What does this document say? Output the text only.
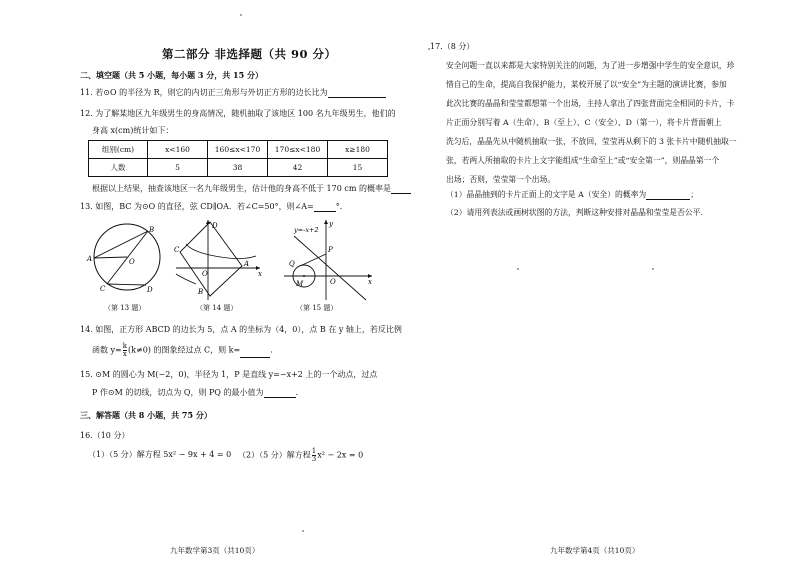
第二部分 非选择题（共 90 分）
二、填空题（共 5 小题，每小题 3 分，共 15 分）
11. 若⊙O 的半径为 R，则它的内切正三角形与外切正方形的边长比为
12. 为了解某地区九年级男生的身高情况，随机抽取了该地区 100 名九年级男生，他们的
身高 x(cm)统计如下：
组别(cm)	x<160	160≤x<170	170≤x<180	x≥180
人数	5	38	42	15
根据以上结果，抽查该地区一名九年级男生，估计他的身高不低于 170 cm 的概率是
13. 如图，BC 为⊙O 的直径，弦 CD∥OA．若∠C=50°，则∠A=	°.
A
B
C	D
O
（第 13 题）
A
B
C
D
O	x
（第 14 题）
y=-x+2
M
Q
P
O	x
y
（第 15 题）
14. 如图，正方形 ABCD 的边长为 5，点 A 的坐标为（4，0），点 B 在 y 轴上，若反比例
函数 $y= \frac{k}{x} (k\ne 0)$ 的图象经过点 C，则 k=	.
15. ⊙M 的圆心为 M(−2，0)，半径为 1，P 是直线 y=−x+2 上的一个动点，过点
P 作⊙M 的切线，切点为 Q，则 PQ 的最小值为	.
三、解答题（共 8 小题，共 75 分）
16.（10 分）
（1）（5 分）解方程 5x² − 9x + 4 = 0 （2）（5 分）解方程 $\frac{1}{3} x^2 - 2x = 0$
九年数学第3页（共10页）
17.（8 分）
安全问题一直以来都是大家特别关注的问题，为了进一步增强中学生的安全意识，珍
惜自己的生命，提高自我保护能力，某校开展了以“安全”为主题的演讲比赛，参加
此次比赛的晶晶和莹莹都想第一个出场，主持人拿出了四张背面完全相同的卡片，卡
片正面分别写着 A（生命）、B（至上）、C（安全）、D（第一），将卡片背面朝上
洗匀后，晶晶先从中随机抽取一张，不放回，莹莹再从剩下的 3 张卡片中随机抽取一
张，若两人所抽取的卡片上文字能组成“生命至上”或“安全第一”，则晶晶第一个
出场；否则，莹莹第一个出场。
（1）晶晶抽到的卡片正面上的文字是 A（安全）的概率为	；
（2）请用列表法或画树状图的方法，判断这种安排对晶晶和莹莹是否公平.
九年数学第4页（共10页）
